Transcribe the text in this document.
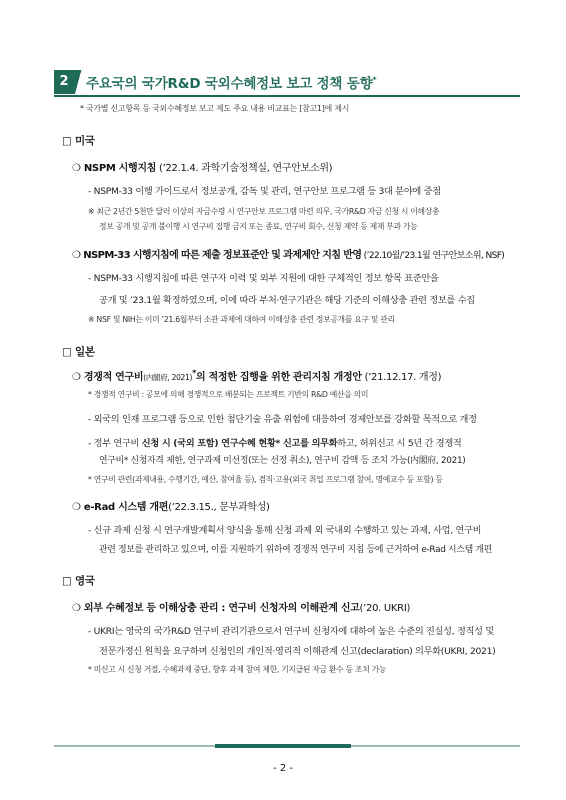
2	주요국의 국가R&D 국외수혜정보 보고 정책 동향*
* 국가별 신고항목 등 국외수혜정보 보고 제도 주요 내용 비교표는 [참고1]에 제시
□ 미국
❍ NSPM 시행지침 (’22.1.4. 과학기술정책실, 연구안보소위)
- NSPM-33 이행 가이드로서 정보공개, 감독 및 관리, 연구안보 프로그램 등 3대 분야에 중점
※ 최근 2년간 5천만 달러 이상의 자금수령 시 연구안보 프로그램 마련 의무, 국가R&D 자금 신청 시 이해상충
정보 공개 및 공개 불이행 시 연구비 집행 금지 또는 종료, 연구비 회수, 신청 제약 등 제재 부과 가능
❍ NSPM-33 시행지침에 따른 제출 정보표준안 및 과제제안 지침 반영 (’22.10월/’23.1월 연구안보소위, NSF)
- NSPM-33 시행지침에 따른 연구자 이력 및 외부 지원에 대한 구체적인 정보 항목 표준안을
공개 및 ’23.1월 확정하였으며, 이에 따라 부처·연구기관은 해당 기준의 이해상충 관련 정보를 수집
※ NSF 및 NIH는 이미 ’21.6월부터 소관 과제에 대하여 이해상충 관련 정보공개를 요구 및 관리
□ 일본
❍ 경쟁적 연구비(内閣府, 2021)*의 적정한 집행을 위한 관리지침 개정안 (’21.12.17. 개정)
* 경쟁적 연구비 : 공모에 의해 경쟁적으로 배분되는 프로젝트 기반의 R&D 예산을 의미
- 외국의 인재 프로그램 등으로 인한 첨단기술 유출 위험에 대응하여 경제안보를 강화할 목적으로 개정
- 정부 연구비 신청 시 (국외 포함) 연구수혜 현황* 신고를 의무화하고, 허위신고 시 5년 간 경쟁적
연구비* 신청자격 제한, 연구과제 미선정(또는 선정 취소), 연구비 감액 등 조치 가능(内閣府, 2021)
* 연구비 관련(과제내용, 수행기간, 예산, 참여율 등), 겸직·고용(외국 취업 프로그램 참여, 명예교수 등 포함) 등
❍ e-Rad 시스템 개편(’22.3.15., 문부과학성)
- 신규 과제 신청 시 연구개발계획서 양식을 통해 신청 과제 외 국내외 수행하고 있는 과제, 사업, 연구비
관련 정보를 관리하고 있으며, 이를 지원하기 위하여 경쟁적 연구비 지침 등에 근거하여 e-Rad 시스템 개편
□ 영국
❍ 외부 수혜정보 등 이해상충 관리 : 연구비 신청자의 이해관계 신고(’20. UKRI)
- UKRI는 영국의 국가R&D 연구비 관리기관으로서 연구비 신청자에 대하여 높은 수준의 진실성, 정직성 및
전문가정신 원칙을 요구하며 신청인의 개인적·영리적 이해관계 신고(declaration) 의무화(UKRI, 2021)
* 미신고 시 신청 거절, 수혜과제 중단, 향후 과제 참여 제한, 기지급된 자금 환수 등 조치 가능
- 2 -
